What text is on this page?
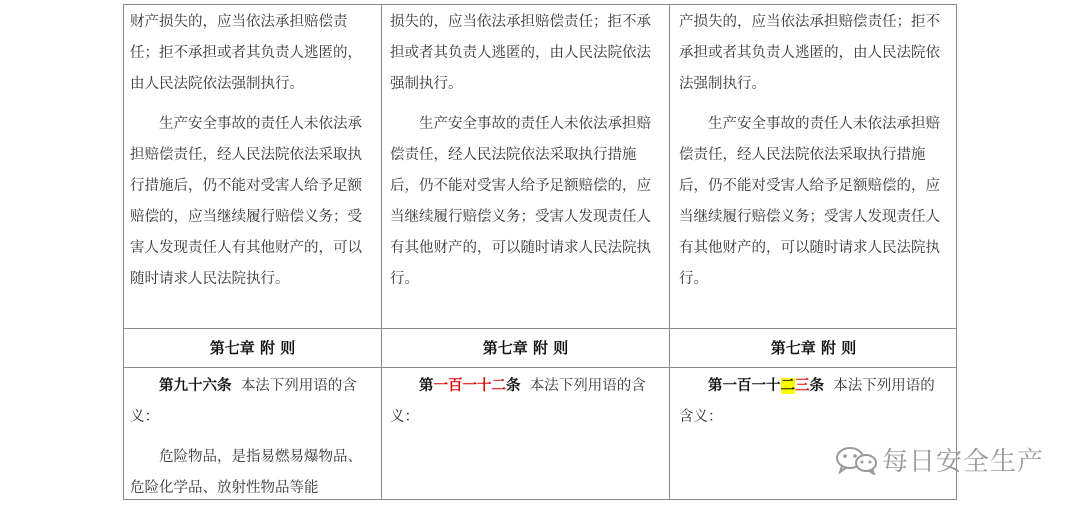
财产损失的，应当依法承担赔偿责任；拒不承担或者其负责人逃匿的，由人民法院依法强制执行。

生产安全事故的责任人未依法承担赔偿责任，经人民法院依法采取执行措施后，仍不能对受害人给予足额赔偿的，应当继续履行赔偿义务；受害人发现责任人有其他财产的，可以随时请求人民法院执行。

损失的，应当依法承担赔偿责任；拒不承担或者其负责人逃匿的，由人民法院依法强制执行。

生产安全事故的责任人未依法承担赔偿责任，经人民法院依法采取执行措施后，仍不能对受害人给予足额赔偿的，应当继续履行赔偿义务；受害人发现责任人有其他财产的，可以随时请求人民法院执行。

产损失的，应当依法承担赔偿责任；拒不承担或者其负责人逃匿的，由人民法院依法强制执行。

生产安全事故的责任人未依法承担赔偿责任，经人民法院依法采取执行措施后，仍不能对受害人给予足额赔偿的，应当继续履行赔偿义务；受害人发现责任人有其他财产的，可以随时请求人民法院执行。

第七章 附 则	第七章 附 则	第七章 附 则

第九十六条 本法下列用语的含义：

危险物品，是指易燃易爆物品、危险化学品、放射性物品等能

第一百一十二条 本法下列用语的含义：

第一百一十二三条 本法下列用语的含义：

每日安全生产
